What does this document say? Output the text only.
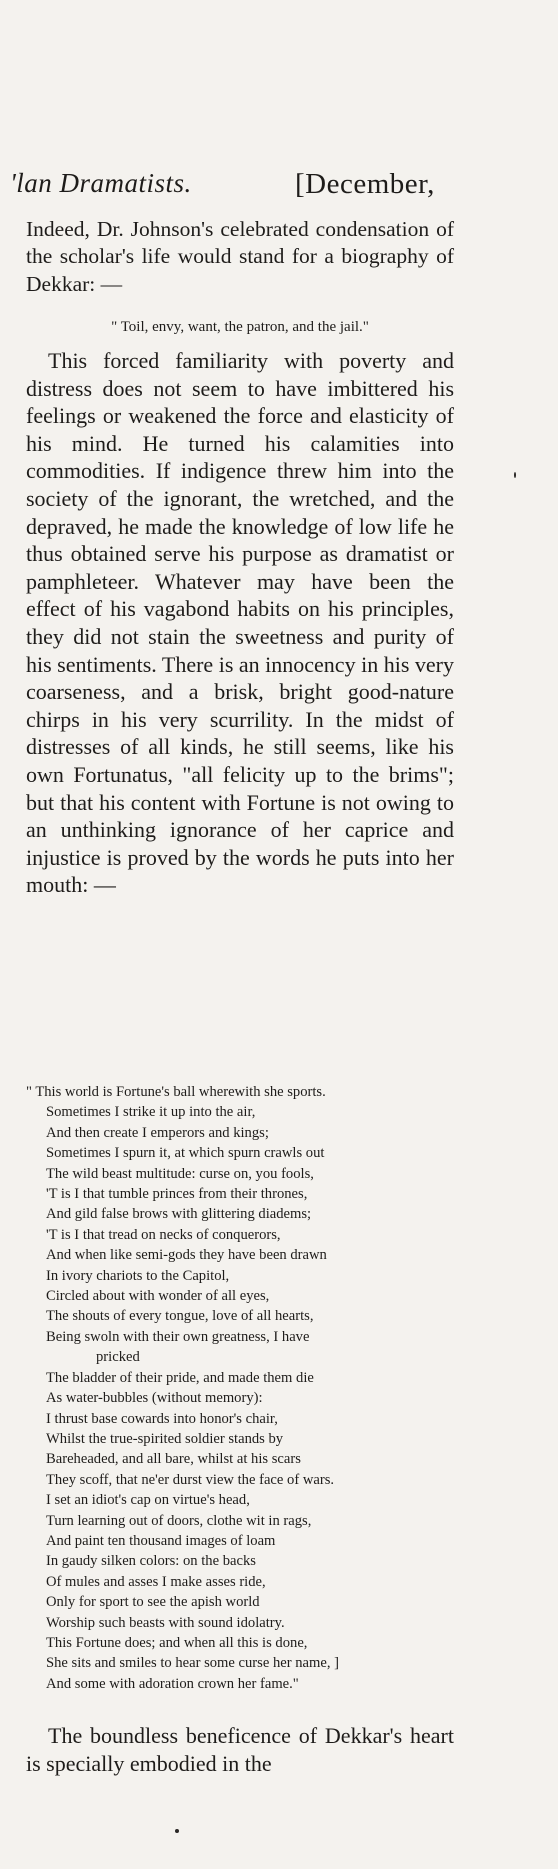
'lan Dramatists.	[December,

Indeed, Dr. Johnson's celebrated condensation of the scholar's life would stand for a biography of Dekkar: —

" Toil, envy, want, the patron, and the jail."

This forced familiarity with poverty and distress does not seem to have imbittered his feelings or weakened the force and elasticity of his mind. He turned his calamities into commodities. If indigence threw him into the society of the ignorant, the wretched, and the depraved, he made the knowledge of low life he thus obtained serve his purpose as dramatist or pamphleteer. Whatever may have been the effect of his vagabond habits on his principles, they did not stain the sweetness and purity of his sentiments. There is an innocency in his very coarseness, and a brisk, bright good-nature chirps in his very scurrility. In the midst of distresses of all kinds, he still seems, like his own Fortunatus, "all felicity up to the brims"; but that his content with Fortune is not owing to an unthinking ignorance of her caprice and injustice is proved by the words he puts into her mouth: —

" This world is Fortune's ball wherewith she sports.
Sometimes I strike it up into the air,
And then create I emperors and kings;
Sometimes I spurn it, at which spurn crawls out
The wild beast multitude: curse on, you fools,
'T is I that tumble princes from their thrones,
And gild false brows with glittering diadems;
'T is I that tread on necks of conquerors,
And when like semi-gods they have been drawn
In ivory chariots to the Capitol,
Circled about with wonder of all eyes,
The shouts of every tongue, love of all hearts,
Being swoln with their own greatness, I have
pricked
The bladder of their pride, and made them die
As water-bubbles (without memory):
I thrust base cowards into honor's chair,
Whilst the true-spirited soldier stands by
Bareheaded, and all bare, whilst at his scars
They scoff, that ne'er durst view the face of wars.
I set an idiot's cap on virtue's head,
Turn learning out of doors, clothe wit in rags,
And paint ten thousand images of loam
In gaudy silken colors: on the backs
Of mules and asses I make asses ride,
Only for sport to see the apish world
Worship such beasts with sound idolatry.
This Fortune does; and when all this is done,
She sits and smiles to hear some curse her name, ]
And some with adoration crown her fame."

The boundless beneficence of Dekkar's heart is specially embodied in the
